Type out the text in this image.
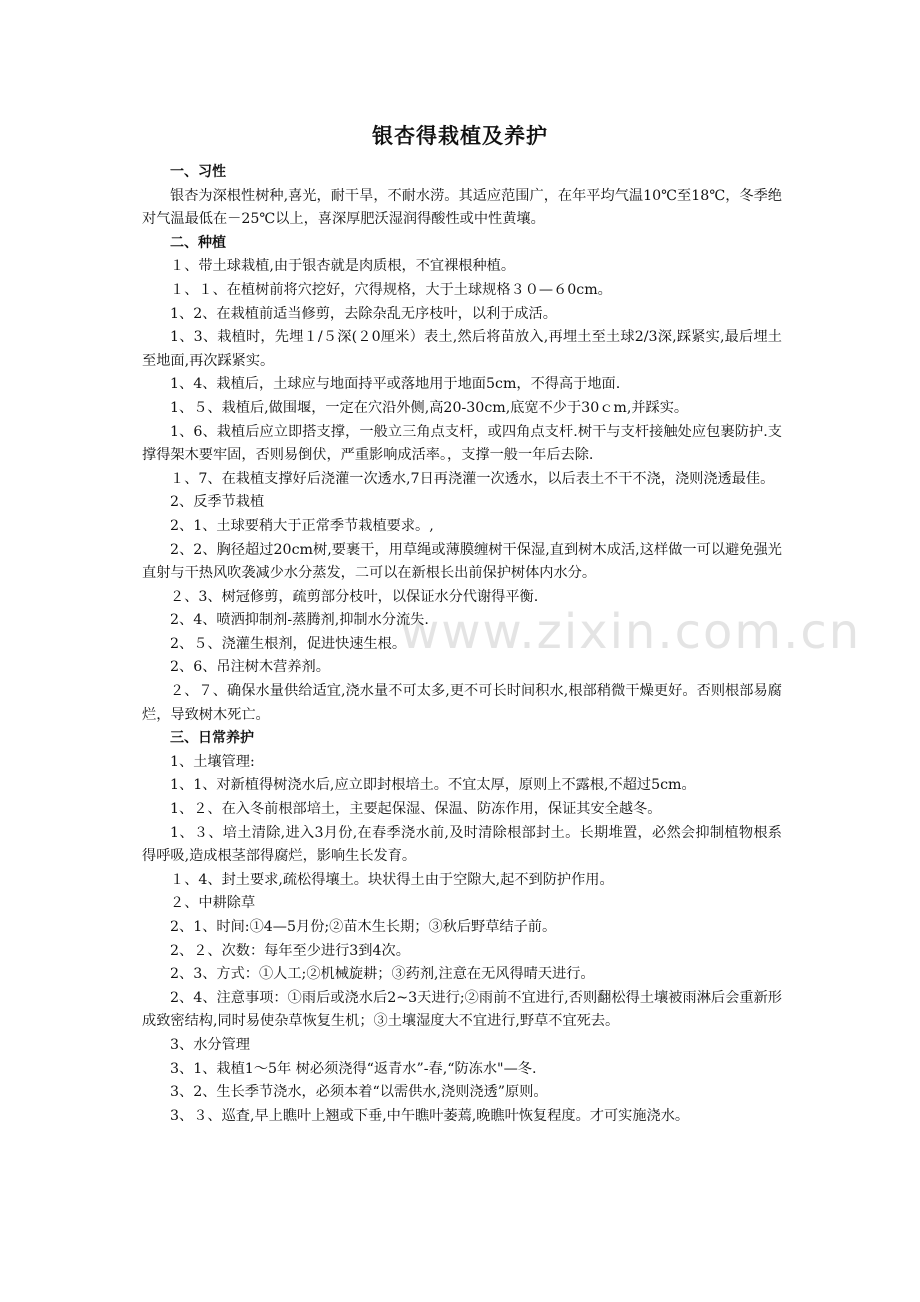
www.zixin.com.cn
银杏得栽植及养护

一、习性

银杏为深根性树种,喜光，耐干旱，不耐水涝。其适应范围广，在年平均气温10℃至18℃，冬季绝对气温最低在－25℃以上，喜深厚肥沃湿润得酸性或中性黄壤。

二、种植

１、带土球栽植,由于银杏就是肉质根，不宜裸根种植。

１、１、在植树前将穴挖好，穴得规格，大于土球规格３０—６0cm。

1、2、在栽植前适当修剪，去除杂乱无序枝叶，以利于成活。

1、3、栽植时，先埋１/５深(２0厘米）表土,然后将苗放入,再埋土至土球2/3深,踩紧实,最后埋土至地面,再次踩紧实。

1、4、栽植后，土球应与地面持平或落地用于地面5cm，不得高于地面.

1、５、栽植后,做围堰，一定在穴沿外侧,高20-30cm,底宽不少于30ｃm,并踩实。

1、6、栽植后应立即搭支撑，一般立三角点支杆，或四角点支杆.树干与支杆接触处应包裹防护.支撑得架木要牢固，否则易倒伏，严重影响成活率。，支撑一般一年后去除.

１、7、在栽植支撑好后浇灌一次透水,7日再浇灌一次透水，以后表土不干不浇，浇则浇透最佳。

2、反季节栽植

2、1、土球要稍大于正常季节栽植要求。,

2、2、胸径超过20cm树,要裹干，用草绳或薄膜缠树干保湿,直到树木成活,这样做一可以避免强光直射与干热风吹袭减少水分蒸发，二可以在新根长出前保护树体内水分。

２、3、树冠修剪，疏剪部分枝叶，以保证水分代谢得平衡.

2、4、喷洒抑制剂-蒸腾剂,抑制水分流失.

2、５、浇灌生根剂，促进快速生根。

2、6、吊注树木营养剂。

２、７、确保水量供给适宜,浇水量不可太多,更不可长时间积水,根部稍微干燥更好。否则根部易腐烂，导致树木死亡。

三、日常养护

1、土壤管理:

1、1、对新植得树浇水后,应立即封根培土。不宜太厚，原则上不露根,不超过5cm。

1、２、在入冬前根部培土，主要起保湿、保温、防冻作用，保证其安全越冬。

1、３、培土清除,进入3月份,在春季浇水前,及时清除根部封土。长期堆置，必然会抑制植物根系得呼吸,造成根茎部得腐烂，影响生长发育。

１、4、封土要求,疏松得壤土。块状得土由于空隙大,起不到防护作用。

２、中耕除草

2、1、时间:①4—5月份;②苗木生长期；③秋后野草结子前。

2、２、次数：每年至少进行3到4次。

2、3、方式：①人工;②机械旋耕；③药剂,注意在无风得晴天进行。

2、4、注意事项：①雨后或浇水后2~3天进行;②雨前不宜进行,否则翻松得土壤被雨淋后会重新形成致密结构,同时易使杂草恢复生机；③土壤湿度大不宜进行,野草不宜死去。

3、水分管理

3、1、栽植1～5年 树必须浇得“返青水”-春,“防冻水"—冬.

3、2、生长季节浇水，必须本着“以需供水,浇则浇透”原则。

3、３、巡査,早上瞧叶上翘或下垂,中午瞧叶萎蔫,晚瞧叶恢复程度。才可实施浇水。
